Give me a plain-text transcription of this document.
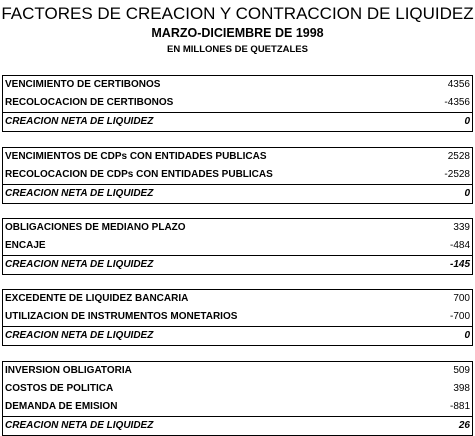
FACTORES DE CREACION Y CONTRACCION DE LIQUIDEZ
MARZO-DICIEMBRE DE 1998
EN MILLONES DE QUETZALES
VENCIMIENTO DE CERTIBONOS	4356
RECOLOCACION DE CERTIBONOS	-4356
CREACION NETA DE LIQUIDEZ	0
VENCIMIENTOS DE CDPs CON ENTIDADES PUBLICAS	2528
RECOLOCACION DE CDPs CON ENTIDADES PUBLICAS	-2528
CREACION NETA DE LIQUIDEZ	0
OBLIGACIONES DE MEDIANO PLAZO	339
ENCAJE	-484
CREACION NETA DE LIQUIDEZ	-145
EXCEDENTE DE LIQUIDEZ BANCARIA	700
UTILIZACION DE INSTRUMENTOS MONETARIOS	-700
CREACION NETA DE LIQUIDEZ	0
INVERSION OBLIGATORIA	509
COSTOS DE POLITICA	398
DEMANDA DE EMISION	-881
CREACION NETA DE LIQUIDEZ	26
